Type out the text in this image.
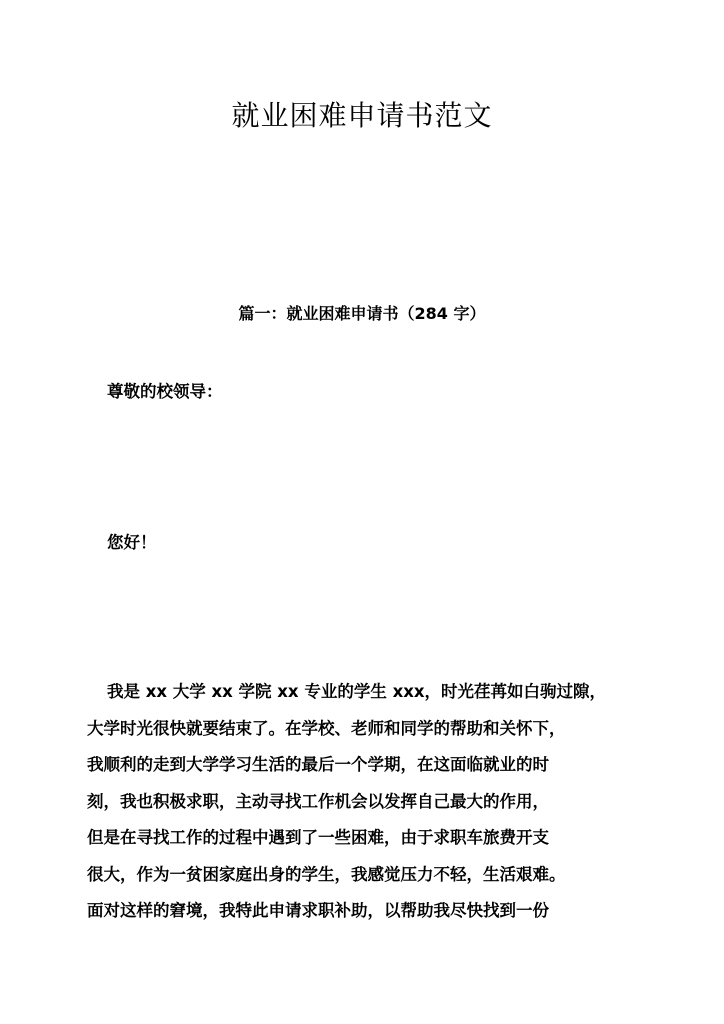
就业困难申请书范文
篇一：就业困难申请书（284 字）

尊敬的校领导：

您好！

我是 xx 大学 xx 学院 xx 专业的学生 xxx，时光荏苒如白驹过隙，
大学时光很快就要结束了。在学校、老师和同学的帮助和关怀下，
我顺利的走到大学学习生活的最后一个学期，在这面临就业的时
刻，我也积极求职，主动寻找工作机会以发挥自己最大的作用，
但是在寻找工作的过程中遇到了一些困难，由于求职车旅费开支
很大，作为一贫困家庭出身的学生，我感觉压力不轻，生活艰难。
面对这样的窘境，我特此申请求职补助，以帮助我尽快找到一份
